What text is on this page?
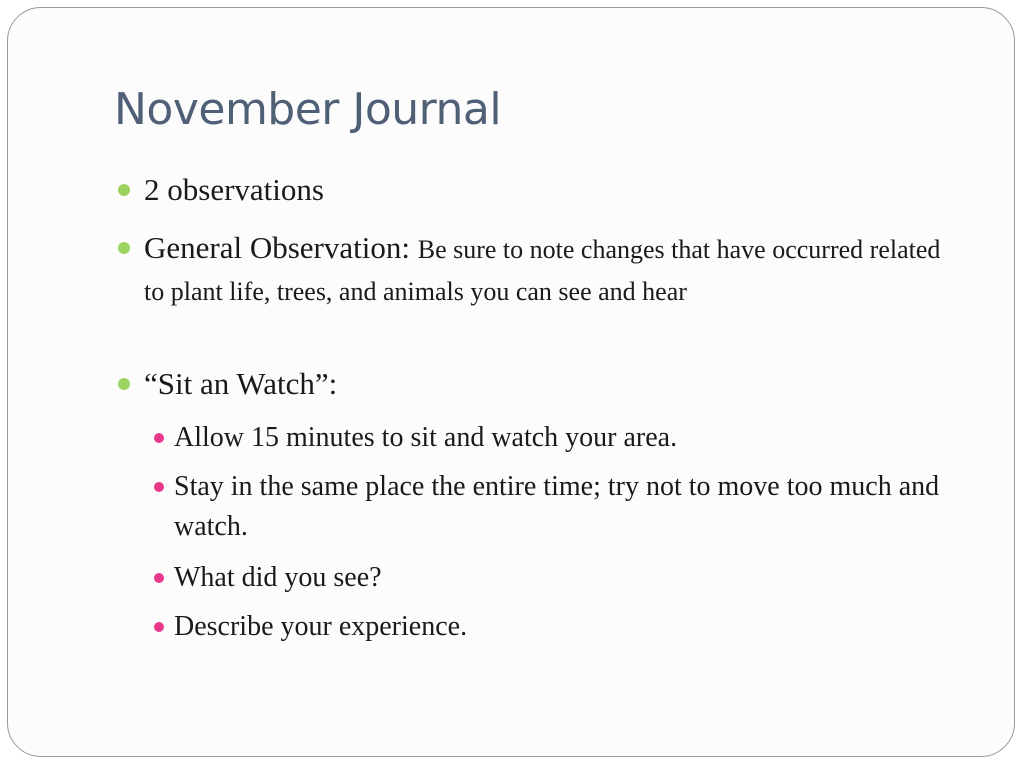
November Journal
2 observations
General Observation: Be sure to note changes that have occurred related to plant life, trees, and animals you can see and hear
“Sit an Watch”:
Allow 15 minutes to sit and watch your area.
Stay in the same place the entire time; try not to move too much and watch.
What did you see?
Describe your experience.
